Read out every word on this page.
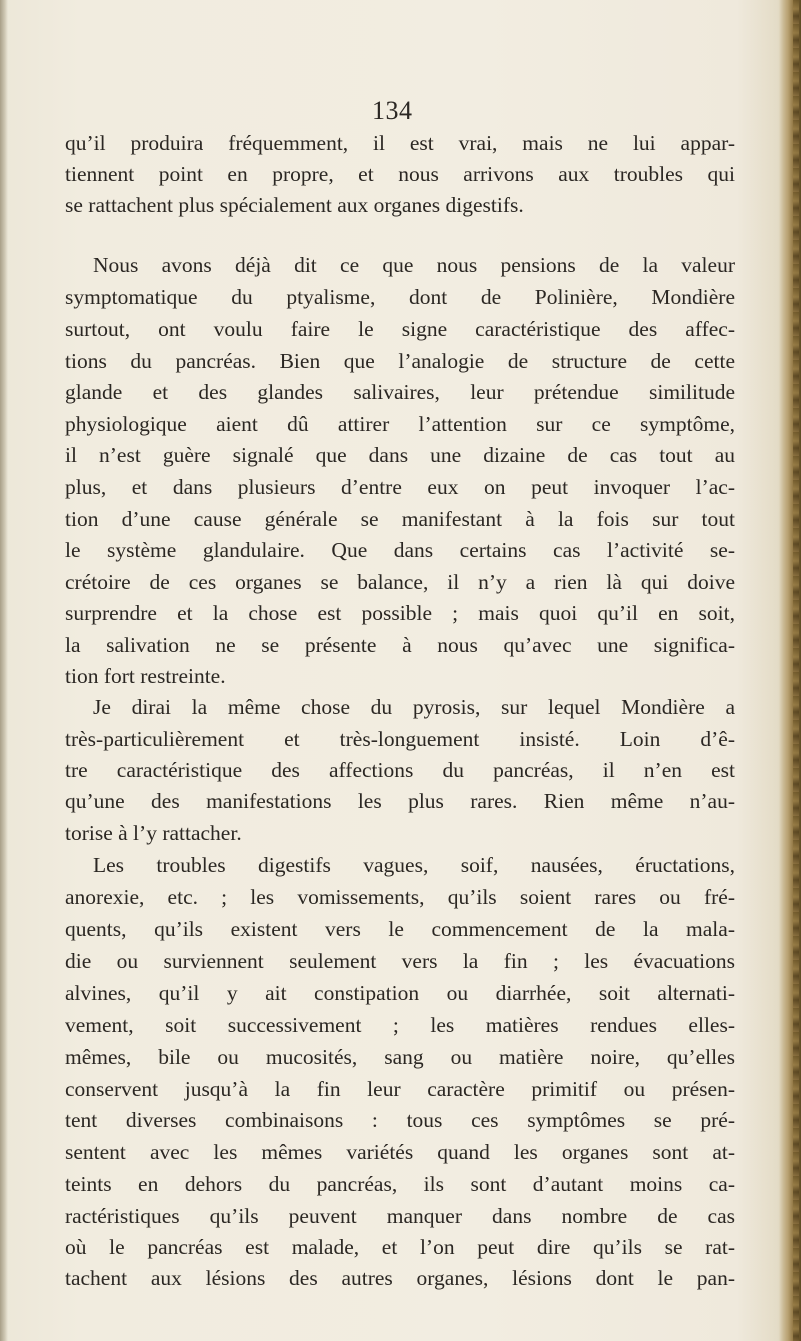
134
qu’il produira fréquemment, il est vrai, mais ne lui appar-
tiennent point en propre, et nous arrivons aux troubles qui
se rattachent plus spécialement aux organes digestifs.
Nous avons déjà dit ce que nous pensions de la valeur
symptomatique du ptyalisme, dont de Polinière, Mondière
surtout, ont voulu faire le signe caractéristique des affec-
tions du pancréas. Bien que l’analogie de structure de cette
glande et des glandes salivaires, leur prétendue similitude
physiologique aient dû attirer l’attention sur ce symptôme,
il n’est guère signalé que dans une dizaine de cas tout au
plus, et dans plusieurs d’entre eux on peut invoquer l’ac-
tion d’une cause générale se manifestant à la fois sur tout
le système glandulaire. Que dans certains cas l’activité se-
crétoire de ces organes se balance, il n’y a rien là qui doive
surprendre et la chose est possible ; mais quoi qu’il en soit,
la salivation ne se présente à nous qu’avec une significa-
tion fort restreinte.
Je dirai la même chose du pyrosis, sur lequel Mondière a
très-particulièrement et très-longuement insisté. Loin d’ê-
tre caractéristique des affections du pancréas, il n’en est
qu’une des manifestations les plus rares. Rien même n’au-
torise à l’y rattacher.
Les troubles digestifs vagues, soif, nausées, éructations,
anorexie, etc. ; les vomissements, qu’ils soient rares ou fré-
quents, qu’ils existent vers le commencement de la mala-
die ou surviennent seulement vers la fin ; les évacuations
alvines, qu’il y ait constipation ou diarrhée, soit alternati-
vement, soit successivement ; les matières rendues elles-
mêmes, bile ou mucosités, sang ou matière noire, qu’elles
conservent jusqu’à la fin leur caractère primitif ou présen-
tent diverses combinaisons : tous ces symptômes se pré-
sentent avec les mêmes variétés quand les organes sont at-
teints en dehors du pancréas, ils sont d’autant moins ca-
ractéristiques qu’ils peuvent manquer dans nombre de cas
où le pancréas est malade, et l’on peut dire qu’ils se rat-
tachent aux lésions des autres organes, lésions dont le pan-
